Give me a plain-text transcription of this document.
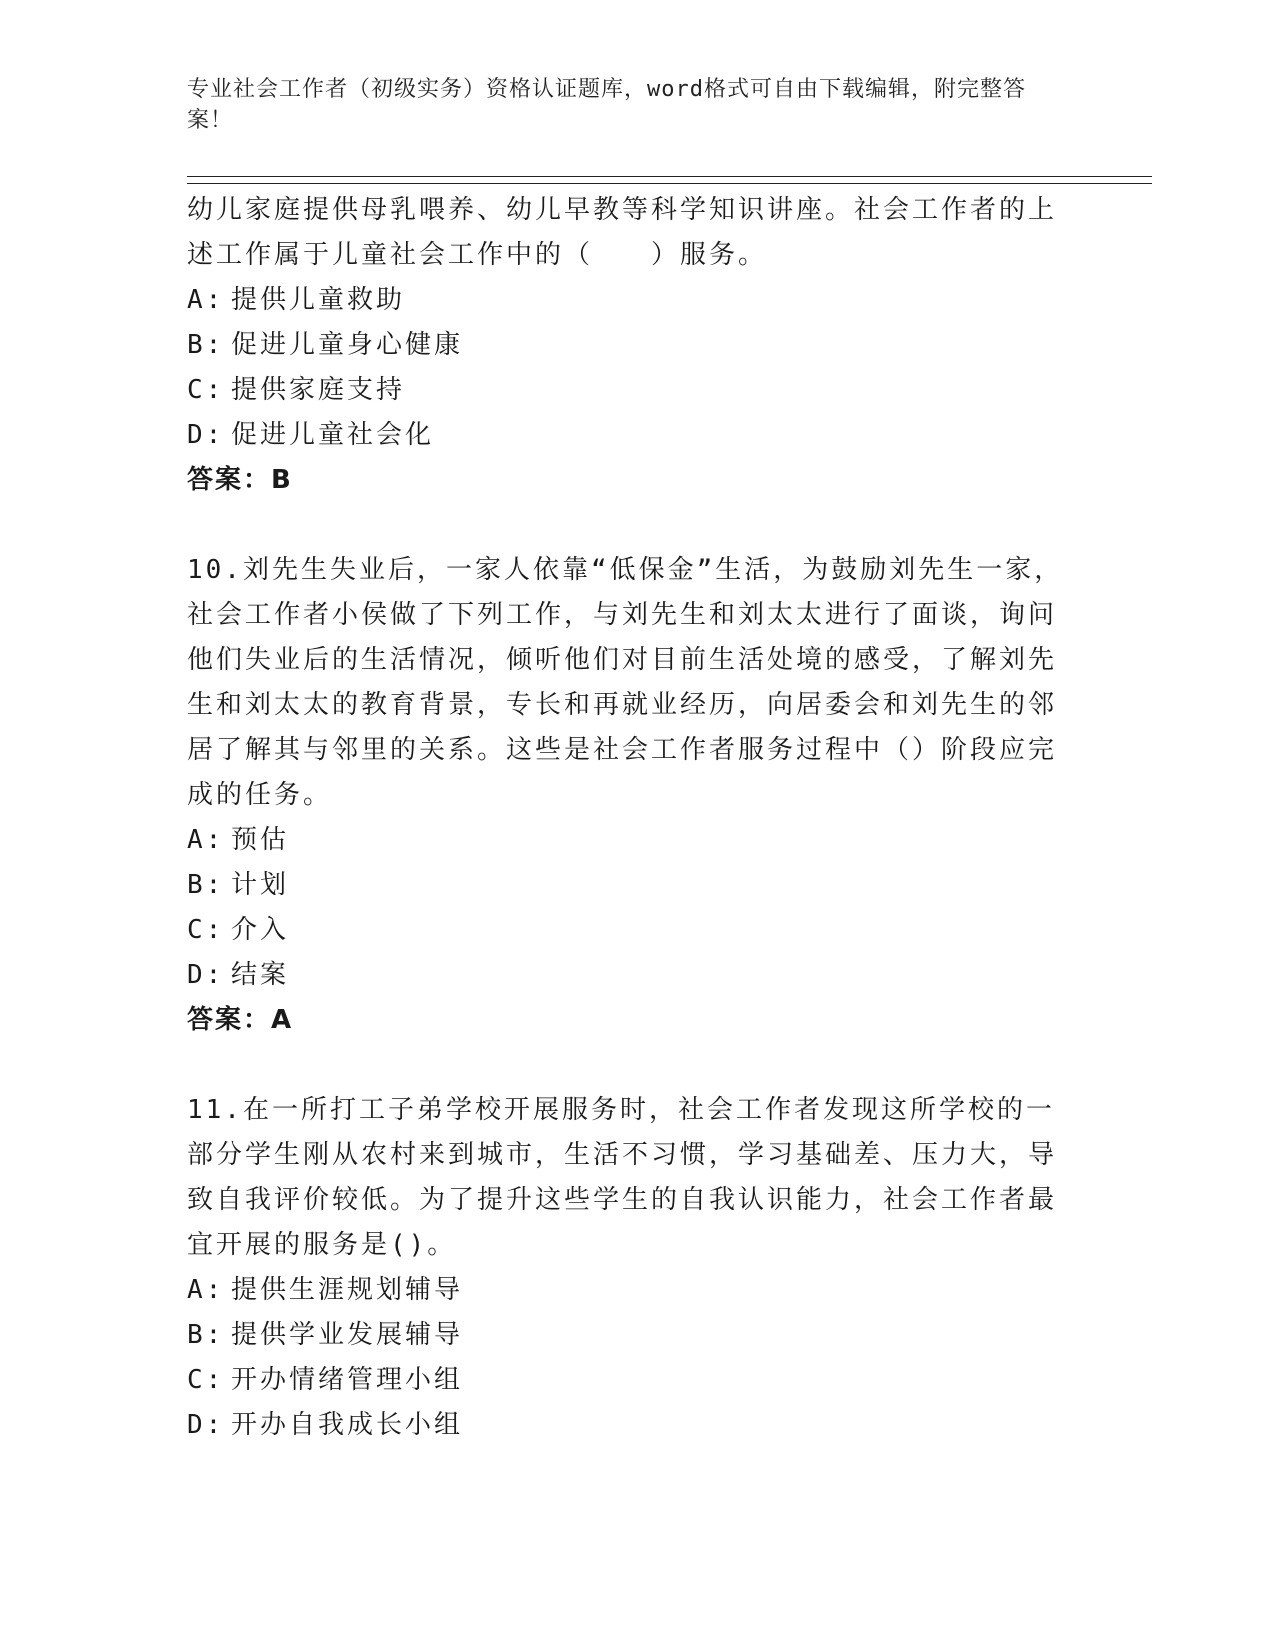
专业社会工作者（初级实务）资格认证题库，word格式可自由下载编辑，附完整答案！

幼儿家庭提供母乳喂养、幼儿早教等科学知识讲座。社会工作者的上述工作属于儿童社会工作中的（　　）服务。

A: 提供儿童救助

B: 促进儿童身心健康

C: 提供家庭支持

D: 促进儿童社会化

答案：B

10.刘先生失业后，一家人依靠“低保金”生活，为鼓励刘先生一家，社会工作者小侯做了下列工作，与刘先生和刘太太进行了面谈，询问他们失业后的生活情况，倾听他们对目前生活处境的感受，了解刘先生和刘太太的教育背景，专长和再就业经历，向居委会和刘先生的邻居了解其与邻里的关系。这些是社会工作者服务过程中（）阶段应完成的任务。

A: 预估

B: 计划

C: 介入

D: 结案

答案：A

11.在一所打工子弟学校开展服务时，社会工作者发现这所学校的一部分学生刚从农村来到城市，生活不习惯，学习基础差、压力大，导致自我评价较低。为了提升这些学生的自我认识能力，社会工作者最宜开展的服务是()。

A: 提供生涯规划辅导

B: 提供学业发展辅导

C: 开办情绪管理小组

D: 开办自我成长小组
